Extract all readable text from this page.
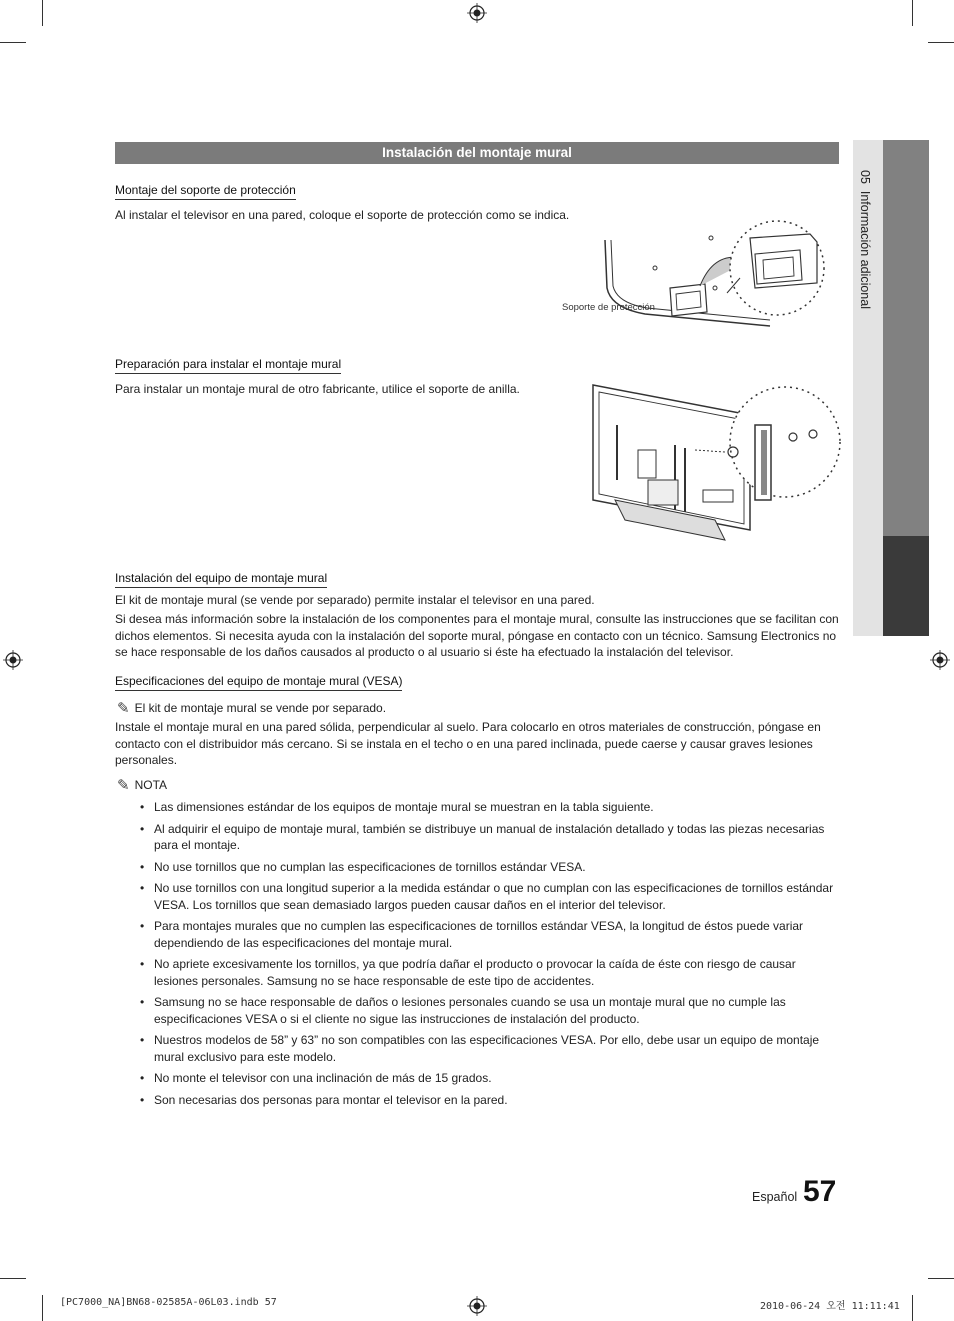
05  Información adicional
Instalación del montaje mural
Montaje del soporte de protección
Al instalar el televisor en una pared, coloque el soporte de protección como se indica.
Soporte de protección
Preparación para instalar el montaje mural
Para instalar un montaje mural de otro fabricante, utilice el soporte de anilla.
Instalación del equipo de montaje mural
El kit de montaje mural (se vende por separado) permite instalar el televisor en una pared.
Si desea más información sobre la instalación de los componentes para el montaje mural, consulte las instrucciones que se facilitan con dichos elementos. Si necesita ayuda con la instalación del soporte mural, póngase en contacto con un técnico. Samsung Electronics no se hace responsable de los daños causados al producto o al usuario si éste ha efectuado la instalación del televisor.
Especificaciones del equipo de montaje mural (VESA)
✎ El kit de montaje mural se vende por separado.
Instale el montaje mural en una pared sólida, perpendicular al suelo. Para colocarlo en otros materiales de construcción, póngase en contacto con el distribuidor más cercano. Si se instala en el techo o en una pared inclinada, puede caerse y causar graves lesiones personales.
✎ NOTA
• Las dimensiones estándar de los equipos de montaje mural se muestran en la tabla siguiente.
• Al adquirir el equipo de montaje mural, también se distribuye un manual de instalación detallado y todas las piezas necesarias para el montaje.
• No use tornillos que no cumplan las especificaciones de tornillos estándar VESA.
• No use tornillos con una longitud superior a la medida estándar o que no cumplan con las especificaciones de tornillos estándar VESA. Los tornillos que sean demasiado largos pueden causar daños en el interior del televisor.
• Para montajes murales que no cumplen las especificaciones de tornillos estándar VESA, la longitud de éstos puede variar dependiendo de las especificaciones del montaje mural.
• No apriete excesivamente los tornillos, ya que podría dañar el producto o provocar la caída de éste con riesgo de causar lesiones personales. Samsung no se hace responsable de este tipo de accidentes.
• Samsung no se hace responsable de daños o lesiones personales cuando se usa un montaje mural que no cumple las especificaciones VESA o si el cliente no sigue las instrucciones de instalación del producto.
• Nuestros modelos de 58” y 63” no son compatibles con las especificaciones VESA. Por ello, debe usar un equipo de montaje mural exclusivo para este modelo.
• No monte el televisor con una inclinación de más de 15 grados.
• Son necesarias dos personas para montar el televisor en la pared.
Español 57
[PC7000_NA]BN68-02585A-06L03.indb 57	2010-06-24 오전 11:11:41
